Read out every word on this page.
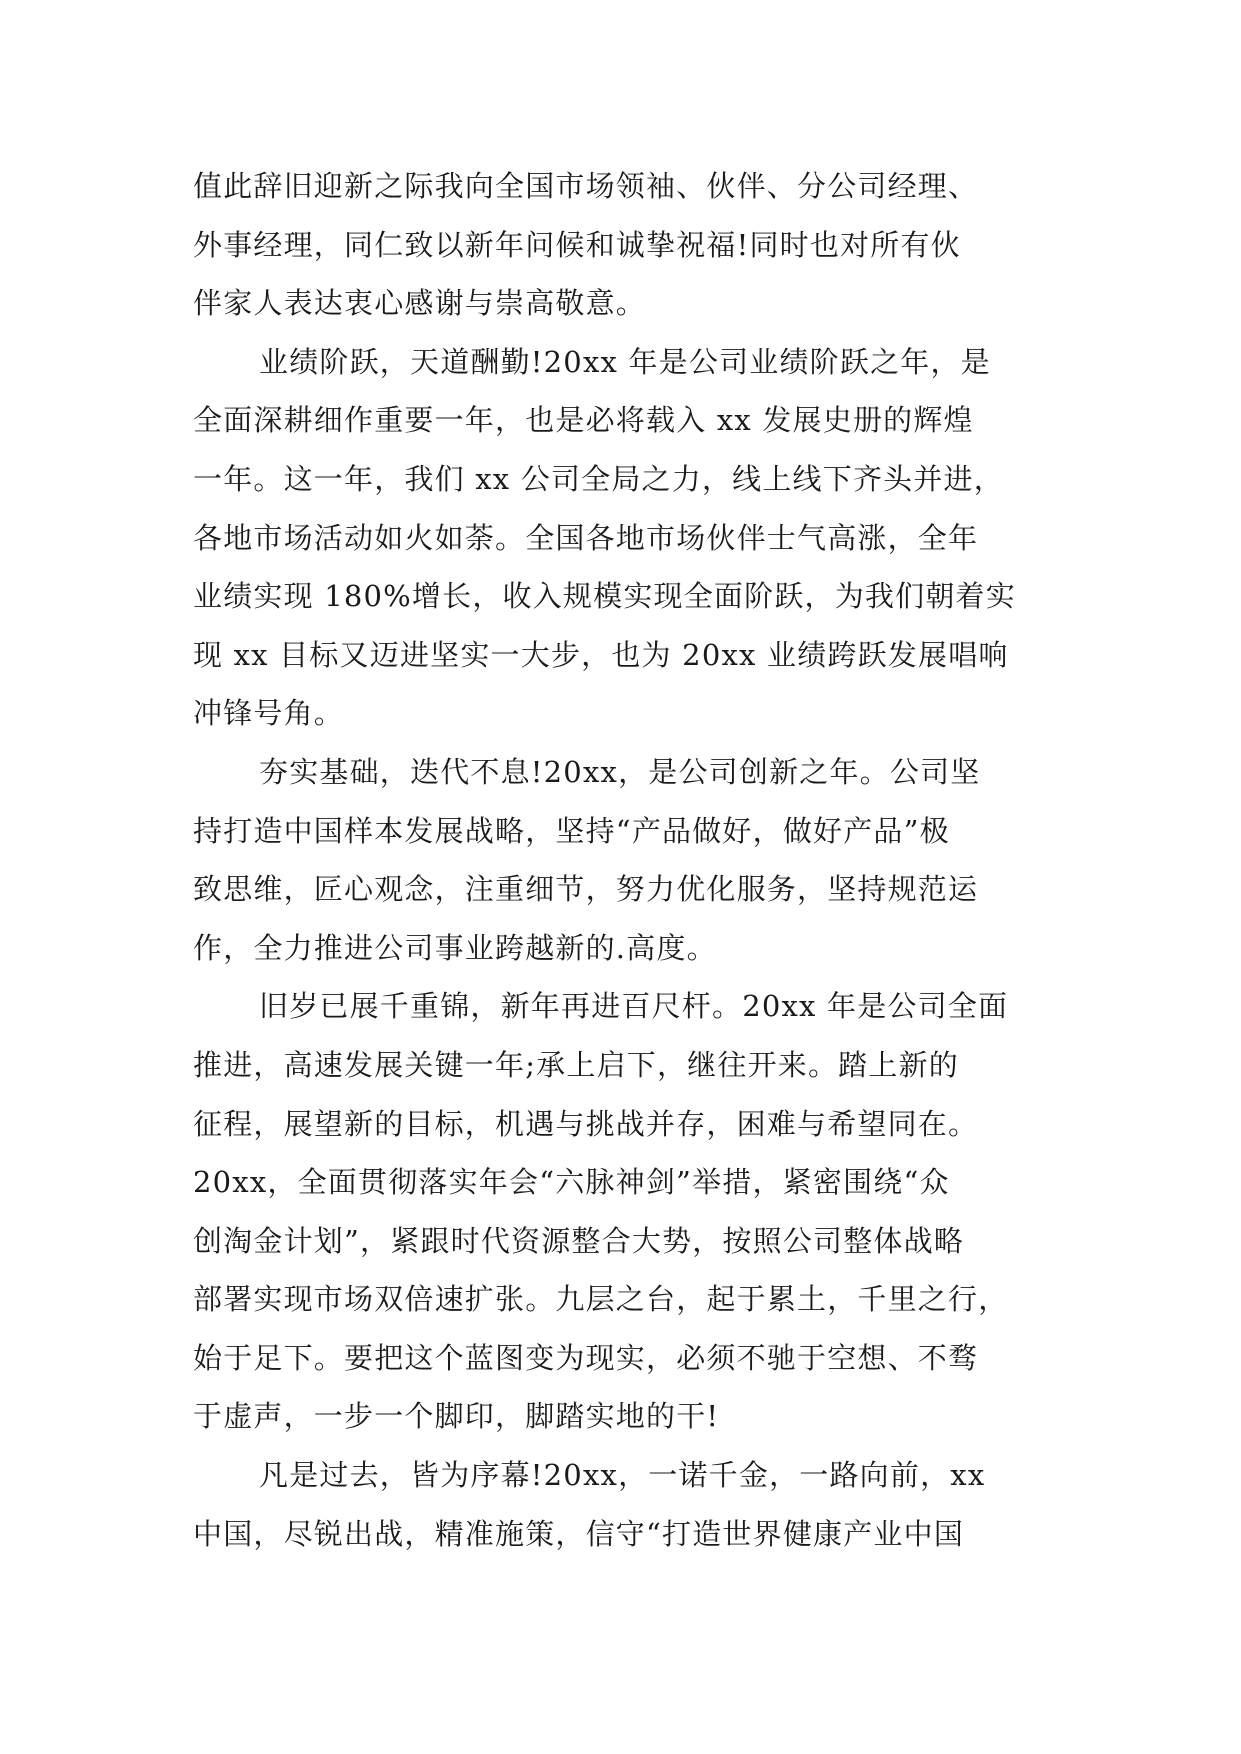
值此辞旧迎新之际我向全国市场领袖、伙伴、分公司经理、
外事经理，同仁致以新年问候和诚挚祝福!同时也对所有伙
伴家人表达衷心感谢与崇高敬意。
业绩阶跃，天道酬勤!20xx 年是公司业绩阶跃之年，是
全面深耕细作重要一年，也是必将载入 xx 发展史册的辉煌
一年。这一年，我们 xx 公司全局之力，线上线下齐头并进，
各地市场活动如火如荼。全国各地市场伙伴士气高涨，全年
业绩实现 180%增长，收入规模实现全面阶跃，为我们朝着实
现 xx 目标又迈进坚实一大步，也为 20xx 业绩跨跃发展唱响
冲锋号角。
夯实基础，迭代不息!20xx，是公司创新之年。公司坚
持打造中国样本发展战略，坚持“产品做好，做好产品”极
致思维，匠心观念，注重细节，努力优化服务，坚持规范运
作，全力推进公司事业跨越新的.高度。
旧岁已展千重锦，新年再进百尺杆。20xx 年是公司全面
推进，高速发展关键一年;承上启下，继往开来。踏上新的
征程，展望新的目标，机遇与挑战并存，困难与希望同在。
20xx，全面贯彻落实年会“六脉神剑”举措，紧密围绕“众
创淘金计划”，紧跟时代资源整合大势，按照公司整体战略
部署实现市场双倍速扩张。九层之台，起于累土，千里之行，
始于足下。要把这个蓝图变为现实，必须不驰于空想、不骛
于虚声，一步一个脚印，脚踏实地的干!
凡是过去，皆为序幕!20xx，一诺千金，一路向前，xx
中国，尽锐出战，精准施策，信守“打造世界健康产业中国
